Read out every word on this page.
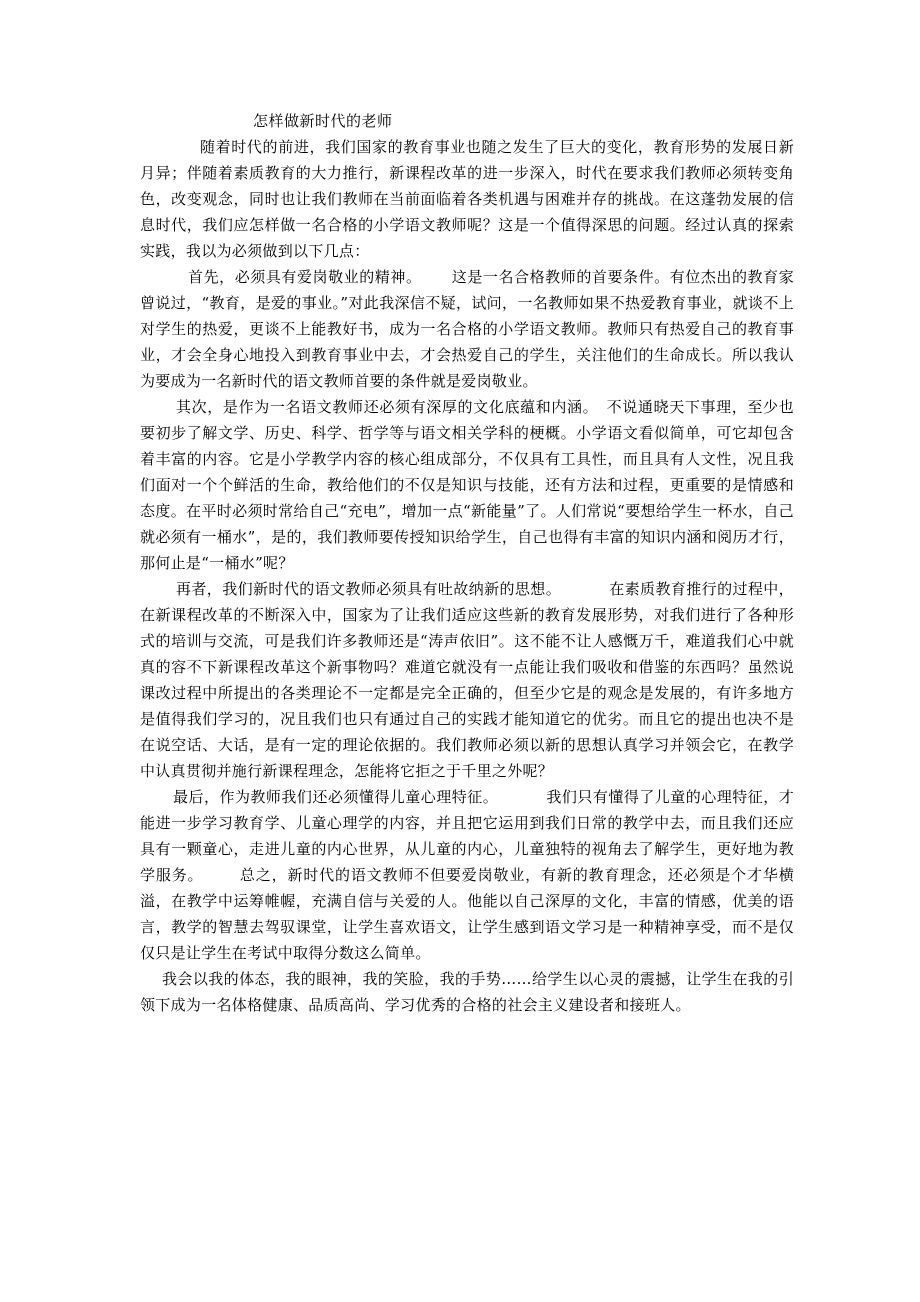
怎样做新时代的老师

随着时代的前进，我们国家的教育事业也随之发生了巨大的变化，教育形势的发展日新月异；伴随着素质教育的大力推行，新课程改革的进一步深入，时代在要求我们教师必须转变角色，改变观念，同时也让我们教师在当前面临着各类机遇与困难并存的挑战。在这蓬勃发展的信息时代，我们应怎样做一名合格的小学语文教师呢？这是一个值得深思的问题。经过认真的探索实践，我以为必须做到以下几点：

首先，必须具有爱岗敬业的精神。 这是一名合格教师的首要条件。有位杰出的教育家曾说过，“教育，是爱的事业。”对此我深信不疑，试问，一名教师如果不热爱教育事业，就谈不上对学生的热爱，更谈不上能教好书，成为一名合格的小学语文教师。教师只有热爱自己的教育事业，才会全身心地投入到教育事业中去，才会热爱自己的学生，关注他们的生命成长。所以我认为要成为一名新时代的语文教师首要的条件就是爱岗敬业。

其次，是作为一名语文教师还必须有深厚的文化底蕴和内涵。 不说通晓天下事理，至少也要初步了解文学、历史、科学、哲学等与语文相关学科的梗概。小学语文看似简单，可它却包含着丰富的内容。它是小学教学内容的核心组成部分，不仅具有工具性，而且具有人文性，况且我们面对一个个鲜活的生命，教给他们的不仅是知识与技能，还有方法和过程，更重要的是情感和态度。在平时必须时常给自己“充电”，增加一点“新能量”了。人们常说“要想给学生一杯水，自己就必须有一桶水”，是的，我们教师要传授知识给学生，自己也得有丰富的知识内涵和阅历才行，那何止是“一桶水”呢？

再者，我们新时代的语文教师必须具有吐故纳新的思想。	在素质教育推行的过程中，在新课程改革的不断深入中，国家为了让我们适应这些新的教育发展形势，对我们进行了各种形式的培训与交流，可是我们许多教师还是“涛声依旧”。这不能不让人感慨万千，难道我们心中就真的容不下新课程改革这个新事物吗？难道它就没有一点能让我们吸收和借鉴的东西吗？虽然说课改过程中所提出的各类理论不一定都是完全正确的，但至少它是的观念是发展的，有许多地方是值得我们学习的，况且我们也只有通过自己的实践才能知道它的优劣。而且它的提出也决不是在说空话、大话，是有一定的理论依据的。我们教师必须以新的思想认真学习并领会它，在教学中认真贯彻并施行新课程理念，怎能将它拒之于千里之外呢？

最后，作为教师我们还必须懂得儿童心理特征。	我们只有懂得了儿童的心理特征，才能进一步学习教育学、儿童心理学的内容，并且把它运用到我们日常的教学中去，而且我们还应具有一颗童心，走进儿童的内心世界，从儿童的内心，儿童独特的视角去了解学生，更好地为教学服务。 总之，新时代的语文教师不但要爱岗敬业，有新的教育理念，还必须是个才华横溢，在教学中运筹帷幄，充满自信与关爱的人。他能以自己深厚的文化，丰富的情感，优美的语言，教学的智慧去驾驭课堂，让学生喜欢语文，让学生感到语文学习是一种精神享受，而不是仅仅只是让学生在考试中取得分数这么简单。

我会以我的体态，我的眼神，我的笑脸，我的手势……给学生以心灵的震撼，让学生在我的引领下成为一名体格健康、品质高尚、学习优秀的合格的社会主义建设者和接班人。
